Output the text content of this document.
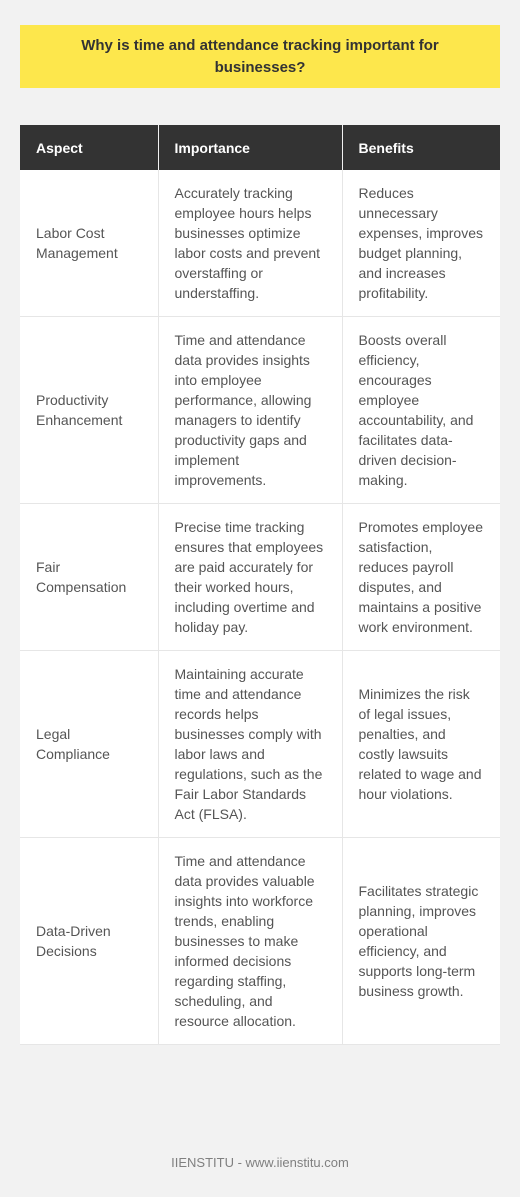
Why is time and attendance tracking important for businesses?
Aspect	Importance	Benefits
Labor Cost Management	Accurately tracking employee hours helps businesses optimize labor costs and prevent overstaffing or understaffing.	Reduces unnecessary expenses, improves budget planning, and increases profitability.
Productivity Enhancement	Time and attendance data provides insights into employee performance, allowing managers to identify productivity gaps and implement improvements.	Boosts overall efficiency, encourages employee accountability, and facilitates data-driven decision-making.
Fair Compensation	Precise time tracking ensures that employees are paid accurately for their worked hours, including overtime and holiday pay.	Promotes employee satisfaction, reduces payroll disputes, and maintains a positive work environment.
Legal Compliance	Maintaining accurate time and attendance records helps businesses comply with labor laws and regulations, such as the Fair Labor Standards Act (FLSA).	Minimizes the risk of legal issues, penalties, and costly lawsuits related to wage and hour violations.
Data-Driven Decisions	Time and attendance data provides valuable insights into workforce trends, enabling businesses to make informed decisions regarding staffing, scheduling, and resource allocation.	Facilitates strategic planning, improves operational efficiency, and supports long-term business growth.
IIENSTITU - www.iienstitu.com
